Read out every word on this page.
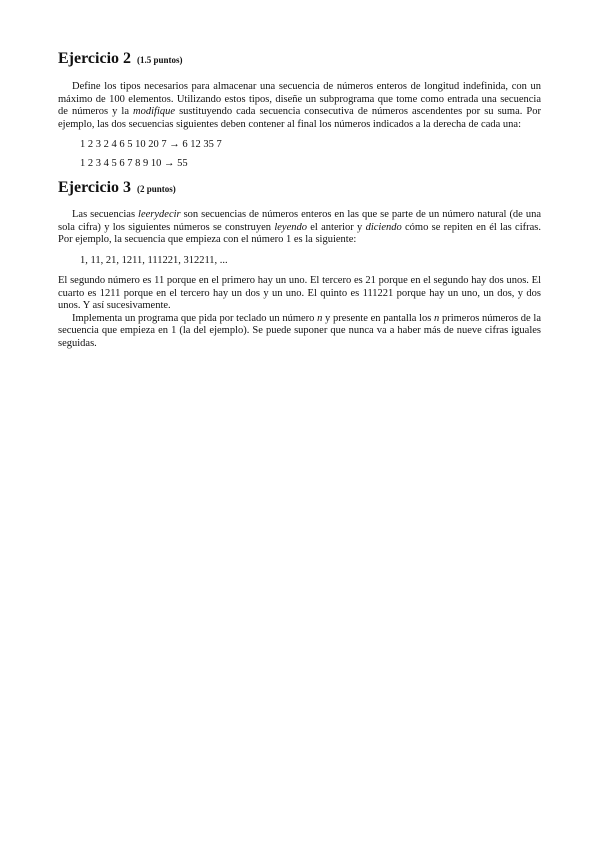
Ejercicio 2 (1.5 puntos)

Define los tipos necesarios para almacenar una secuencia de números enteros de longitud indefinida, con un máximo de 100 elementos. Utilizando estos tipos, diseñe un subprograma que tome como entrada una secuencia de números y la modifique sustituyendo cada secuencia consecutiva de números ascendentes por su suma. Por ejemplo, las dos secuencias siguientes deben contener al final los números indicados a la derecha de cada una:

1 2 3 2 4 6 5 10 20 7 → 6 12 35 7
1 2 3 4 5 6 7 8 9 10 → 55
Ejercicio 3 (2 puntos)

Las secuencias leerydecir son secuencias de números enteros en las que se parte de un número natural (de una sola cifra) y los siguientes números se construyen leyendo el anterior y diciendo cómo se repiten en él las cifras. Por ejemplo, la secuencia que empieza con el número 1 es la siguiente:

1, 11, 21, 1211, 111221, 312211, ...

El segundo número es 11 porque en el primero hay un uno. El tercero es 21 porque en el segundo hay dos unos. El cuarto es 1211 porque en el tercero hay un dos y un uno. El quinto es 111221 porque hay un uno, un dos, y dos unos. Y así sucesivamente.

Implementa un programa que pida por teclado un número n y presente en pantalla los n primeros números de la secuencia que empieza en 1 (la del ejemplo). Se puede suponer que nunca va a haber más de nueve cifras iguales seguidas.
